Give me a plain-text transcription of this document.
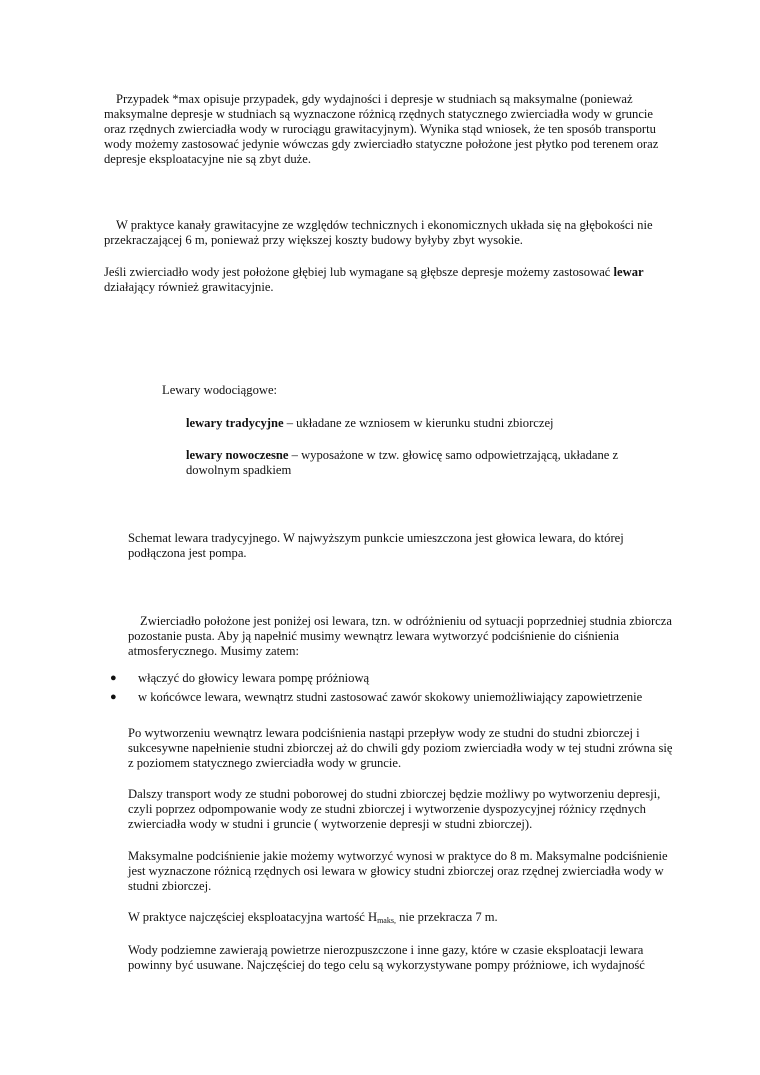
Przypadek *max opisuje przypadek, gdy wydajności i depresje w studniach są maksymalne (ponieważ maksymalne depresje w studniach są wyznaczone różnicą rzędnych statycznego zwierciadła wody w gruncie oraz rzędnych zwierciadła wody w rurociągu grawitacyjnym). Wynika stąd wniosek, że ten sposób transportu wody możemy zastosować jedynie wówczas gdy zwierciadło statyczne położone jest płytko pod terenem oraz depresje eksploatacyjne nie są zbyt duże.

W praktyce kanały grawitacyjne ze względów technicznych i ekonomicznych układa się na głębokości nie przekraczającej 6 m, ponieważ przy większej koszty budowy byłyby zbyt wysokie.

Jeśli zwierciadło wody jest położone głębiej lub wymagane są głębsze depresje możemy zastosować lewar działający również grawitacyjnie.

Lewary wodociągowe:

lewary tradycyjne – układane ze wzniosem w kierunku studni zbiorczej

lewary nowoczesne – wyposażone w tzw. głowicę samo odpowietrzającą, układane z dowolnym spadkiem

Schemat lewara tradycyjnego. W najwyższym punkcie umieszczona jest głowica lewara, do której podłączona jest pompa.

Zwierciadło położone jest poniżej osi lewara, tzn. w odróżnieniu od sytuacji poprzedniej studnia zbiorcza pozostanie pusta. Aby ją napełnić musimy wewnątrz lewara wytworzyć podciśnienie do ciśnienia atmosferycznego. Musimy zatem:

● włączyć do głowicy lewara pompę próżniową
● w końcówce lewara, wewnątrz studni zastosować zawór skokowy uniemożliwiający zapowietrzenie

Po wytworzeniu wewnątrz lewara podciśnienia nastąpi przepływ wody ze studni do studni zbiorczej i sukcesywne napełnienie studni zbiorczej aż do chwili gdy poziom zwierciadła wody w tej studni zrówna się z poziomem statycznego zwierciadła wody w gruncie.

Dalszy transport wody ze studni poborowej do studni zbiorczej będzie możliwy po wytworzeniu depresji, czyli poprzez odpompowanie wody ze studni zbiorczej i wytworzenie dyspozycyjnej różnicy rzędnych zwierciadła wody w studni i gruncie ( wytworzenie depresji w studni zbiorczej).

Maksymalne podciśnienie jakie możemy wytworzyć wynosi w praktyce do 8 m. Maksymalne podciśnienie jest wyznaczone różnicą rzędnych osi lewara w głowicy studni zbiorczej oraz rzędnej zwierciadła wody w studni zbiorczej.

W praktyce najczęściej eksploatacyjna wartość $H_{maks,}$ nie przekracza 7 m.

Wody podziemne zawierają powietrze nierozpuszczone i inne gazy, które w czasie eksploatacji lewara powinny być usuwane. Najczęściej do tego celu są wykorzystywane pompy próżniowe, ich wydajność
